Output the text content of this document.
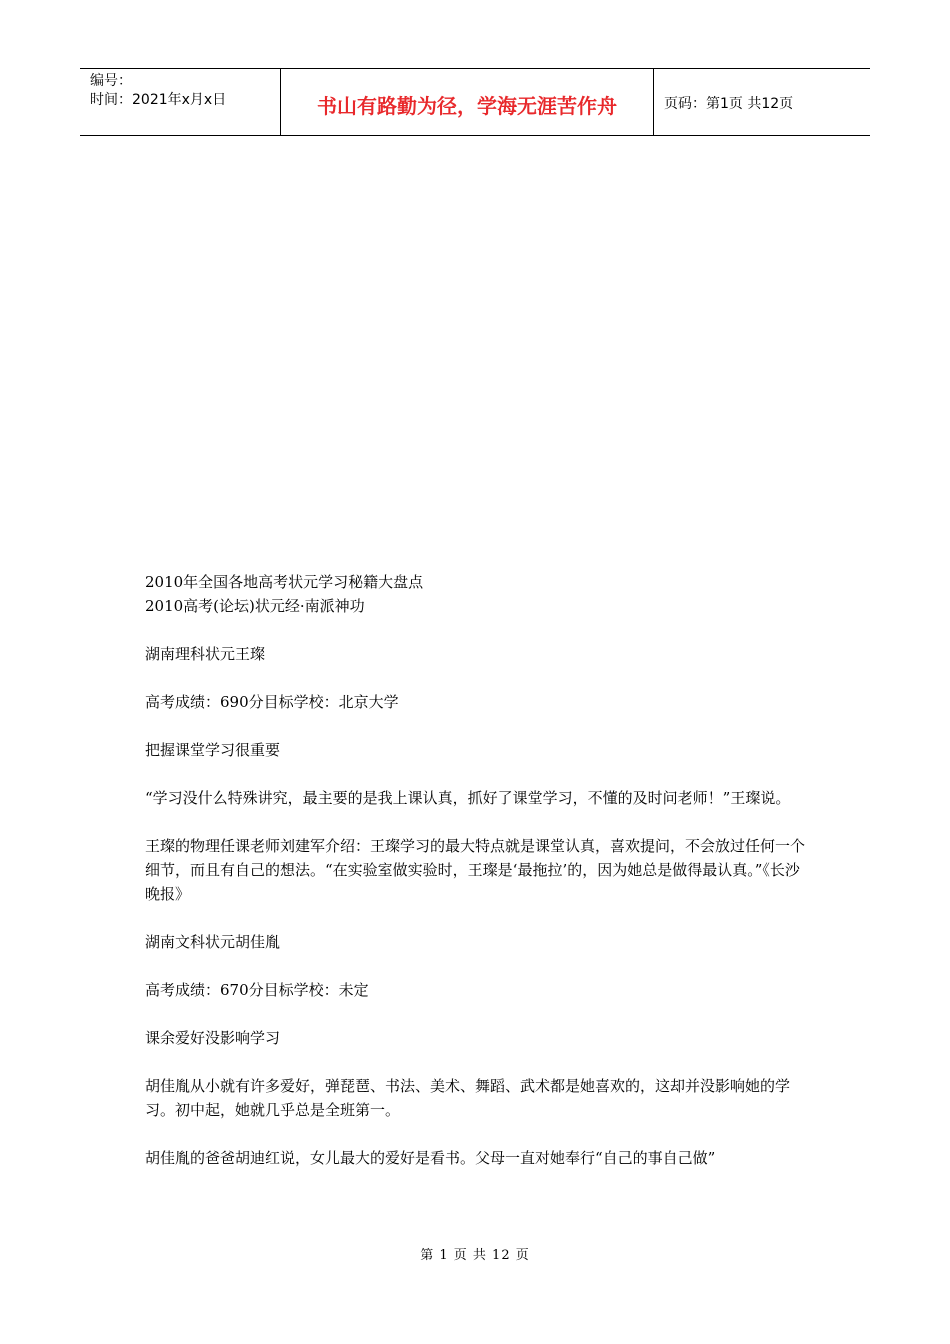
编号：
时间：2021年x月x日	书山有路勤为径，学海无涯苦作舟	页码：第1页 共12页

2010年全国各地高考状元学习秘籍大盘点

2010高考(论坛)状元经·南派神功

湖南理科状元王璨

高考成绩：690分目标学校：北京大学

把握课堂学习很重要

“学习没什么特殊讲究，最主要的是我上课认真，抓好了课堂学习，不懂的及时问老师！”王璨说。

王璨的物理任课老师刘建军介绍：王璨学习的最大特点就是课堂认真，喜欢提问，不会放过任何一个细节，而且有自己的想法。“在实验室做实验时，王璨是‘最拖拉’的，因为她总是做得最认真。”《长沙晚报》

湖南文科状元胡佳胤

高考成绩：670分目标学校：未定

课余爱好没影响学习

胡佳胤从小就有许多爱好，弹琵琶、书法、美术、舞蹈、武术都是她喜欢的，这却并没影响她的学习。初中起，她就几乎总是全班第一。

胡佳胤的爸爸胡迪红说，女儿最大的爱好是看书。父母一直对她奉行“自己的事自己做”

第 1 页 共 12 页
